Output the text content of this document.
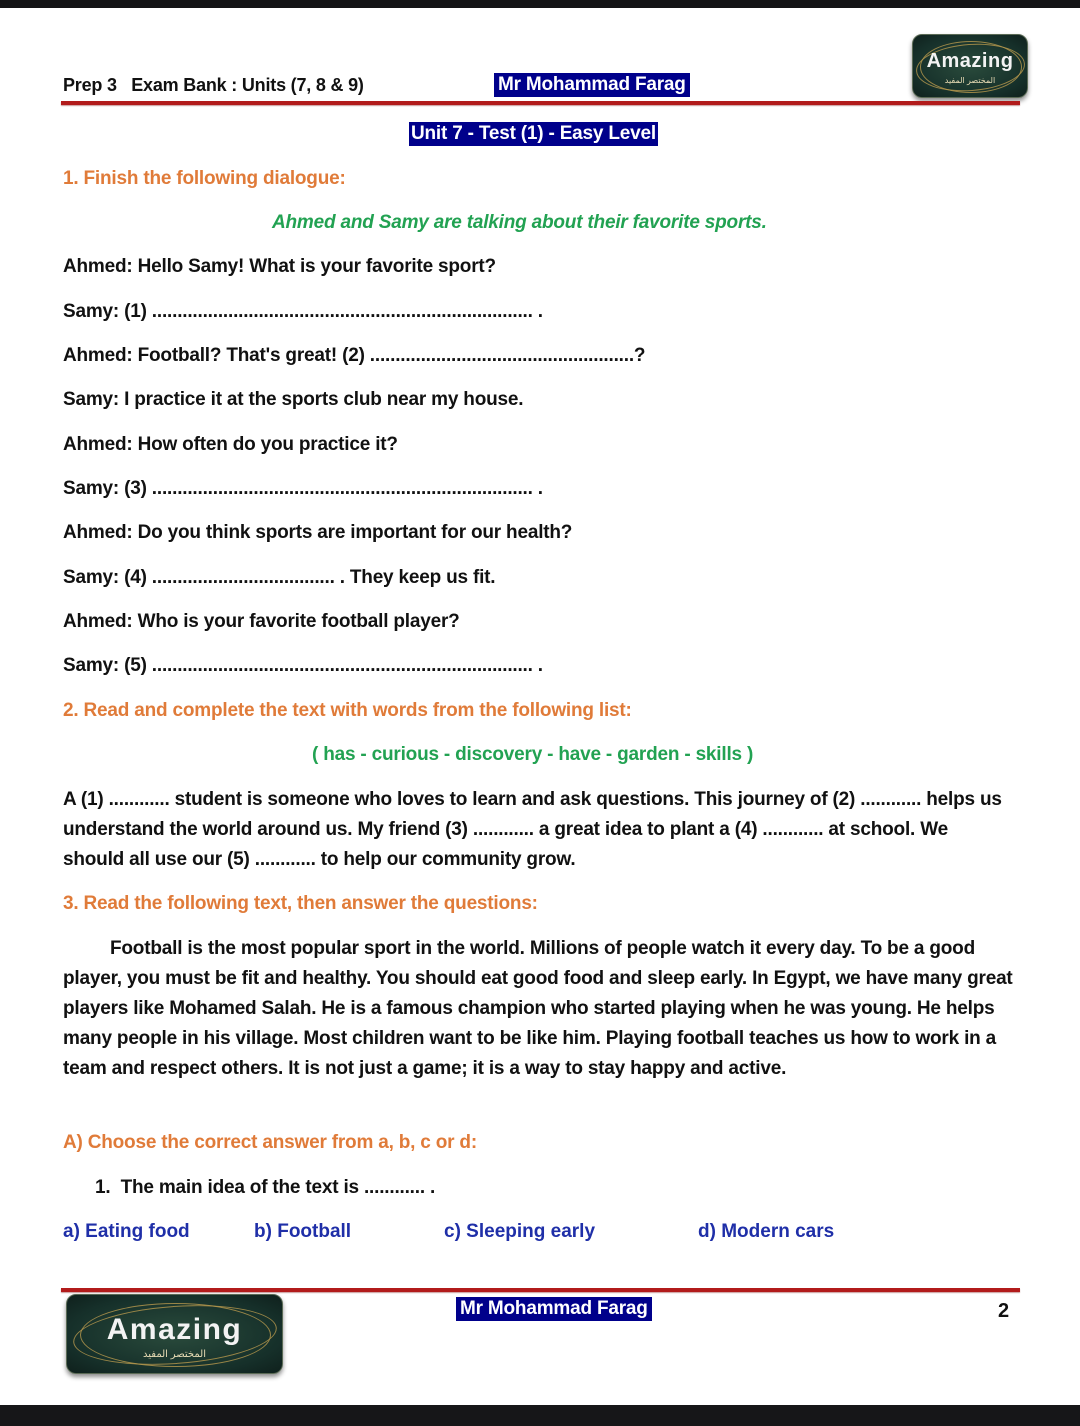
Prep 3   Exam Bank : Units (7, 8 & 9)	Mr Mohammad Farag
Amazing
المختصر المفيد
Unit 7 - Test (1) - Easy Level
1. Finish the following dialogue:
Ahmed and Samy are talking about their favorite sports.
Ahmed: Hello Samy! What is your favorite sport?
Samy: (1) ........................................................................... .
Ahmed: Football? That's great! (2) ....................................................?
Samy: I practice it at the sports club near my house.
Ahmed: How often do you practice it?
Samy: (3) ........................................................................... .
Ahmed: Do you think sports are important for our health?
Samy: (4) .................................... . They keep us fit.
Ahmed: Who is your favorite football player?
Samy: (5) ........................................................................... .
2. Read and complete the text with words from the following list:
( has - curious - discovery - have - garden - skills )
A (1) ............ student is someone who loves to learn and ask questions. This journey of (2) ............ helps us understand the world around us. My friend (3) ............ a great idea to plant a (4) ............ at school. We should all use our (5) ............ to help our community grow.
3. Read the following text, then answer the questions:
Football is the most popular sport in the world. Millions of people watch it every day. To be a good player, you must be fit and healthy. You should eat good food and sleep early. In Egypt, we have many great players like Mohamed Salah. He is a famous champion who started playing when he was young. He helps many people in his village. Most children want to be like him. Playing football teaches us how to work in a team and respect others. It is not just a game; it is a way to stay happy and active.
A) Choose the correct answer from a, b, c or d:
1.  The main idea of the text is ............ .
a) Eating food	b) Football	c) Sleeping early	d) Modern cars
Amazing
المختصر المفيد
Mr Mohammad Farag	2
